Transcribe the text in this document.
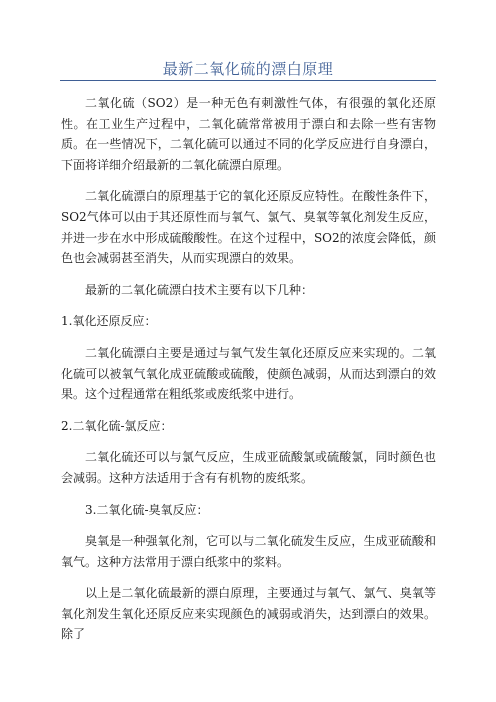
最新二氧化硫的漂白原理

二氧化硫（SO2）是一种无色有刺激性气体，有很强的氧化还原性。在工业生产过程中，二氧化硫常常被用于漂白和去除一些有害物质。在一些情况下，二氧化硫可以通过不同的化学反应进行自身漂白，下面将详细介绍最新的二氧化硫漂白原理。

二氧化硫漂白的原理基于它的氧化还原反应特性。在酸性条件下，SO2气体可以由于其还原性而与氧气、氯气、臭氧等氧化剂发生反应，并进一步在水中形成硫酸酸性。在这个过程中，SO2的浓度会降低，颜色也会减弱甚至消失，从而实现漂白的效果。

最新的二氧化硫漂白技术主要有以下几种：

1.氧化还原反应：

二氧化硫漂白主要是通过与氧气发生氧化还原反应来实现的。二氧化硫可以被氧气氧化成亚硫酸或硫酸，使颜色减弱，从而达到漂白的效果。这个过程通常在粗纸浆或废纸浆中进行。

2.二氧化硫-氯反应：

二氧化硫还可以与氯气反应，生成亚硫酸氯或硫酸氯，同时颜色也会减弱。这种方法适用于含有有机物的废纸浆。

3.二氧化硫-臭氧反应：

臭氧是一种强氧化剂，它可以与二氧化硫发生反应，生成亚硫酸和氧气。这种方法常用于漂白纸浆中的浆料。

以上是二氧化硫最新的漂白原理，主要通过与氧气、氯气、臭氧等氧化剂发生氧化还原反应来实现颜色的减弱或消失，达到漂白的效果。除了
